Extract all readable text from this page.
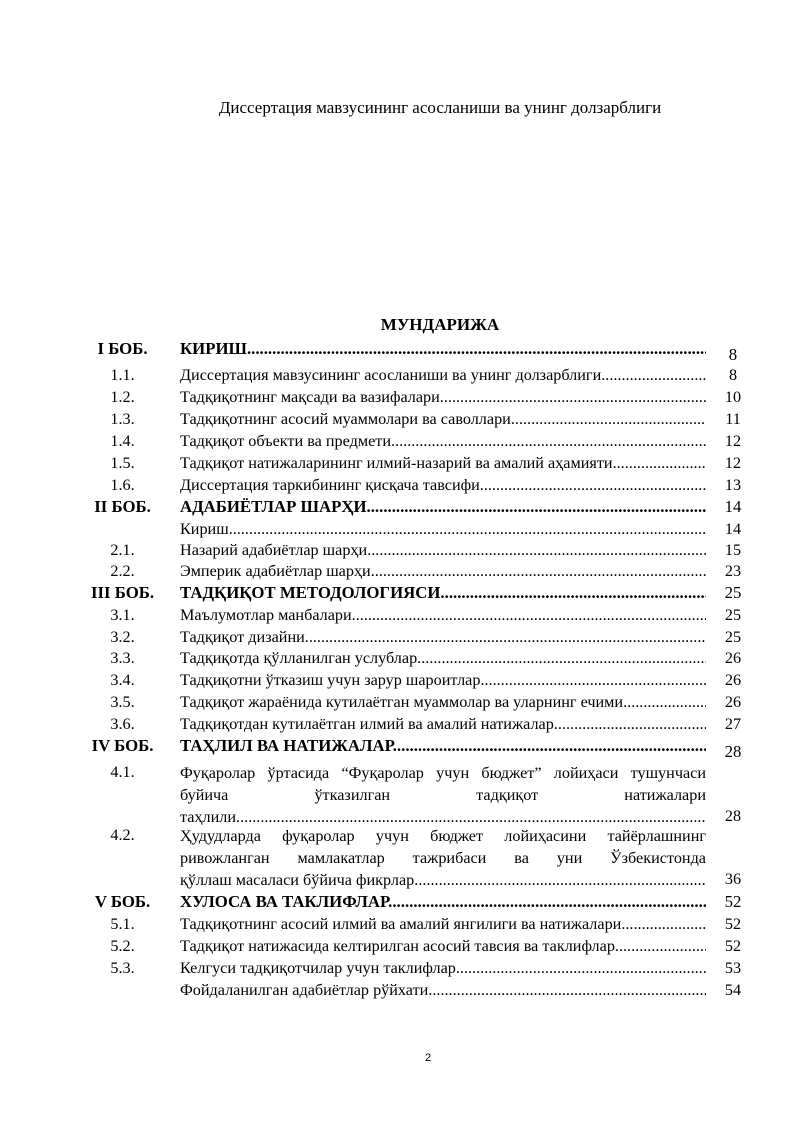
Диссертация мавзусининг асосланиши ва унинг долзарблиги
МУНДАРИЖА
I БОБ.	КИРИШ .....	8
1.1.	Диссертация мавзусининг асосланиши ва унинг долзарблиги .....	8
1.2.	Тадқиқотнинг мақсади ва вазифалари .....	10
1.3.	Тадқиқотнинг асосий муаммолари ва саволлари .....	11
1.4.	Тадқиқот объекти ва предмети .....	12
1.5.	Тадқиқот натижаларининг илмий-назарий ва амалий аҳамияти .....	12
1.6.	Диссертация таркибининг қисқача тавсифи .....	13
II БОБ.	АДАБИЁТЛАР ШАРҲИ .....	14
Кириш .....	14
2.1.	Назарий адабиётлар шарҳи .....	15
2.2.	Эмперик адабиётлар шарҳи .....	23
III БОБ.	ТАДҚИҚОТ МЕТОДОЛОГИЯСИ .....	25
3.1.	Маълумотлар манбалари .....	25
3.2.	Тадқиқот дизайни .....	25
3.3.	Тадқиқотда қўлланилган услублар .....	26
3.4.	Тадқиқотни ўтказиш учун зарур шароитлар .....	26
3.5.	Тадқиқот жараёнида кутилаётган муаммолар ва уларнинг ечими. .....	26
3.6.	Тадқиқотдан кутилаётган илмий ва амалий натижалар .....	27
IV БОБ.	ТАҲЛИЛ ВА НАТИЖАЛАР .....	28
4.1.	Фуқаролар ўртасида “Фуқаролар учун бюджет” лойиҳаси тушунчаси буйича ўтказилган тадқиқот натижалари
таҳлили .....	28
4.2.	Ҳудудларда фуқаролар учун бюджет лойиҳасини тайёрлашнинг ривожланган мамлакатлар тажрибаси ва уни Ўзбекистонда
қўллаш масаласи бўйича фикрлар .....	36
V БОБ.	ХУЛОСА ВА ТАКЛИФЛАР .....	52
5.1.	Тадқиқотнинг асосий илмий ва амалий янгилиги ва натижалари.. .....	52
5.2.	Тадқиқот натижасида келтирилган асосий тавсия ва таклифлар.... .....	52
5.3.	Келгуси тадқиқотчилар учун таклифлар .....	53
Фойдаланилган адабиётлар рўйхати .....	54
2
